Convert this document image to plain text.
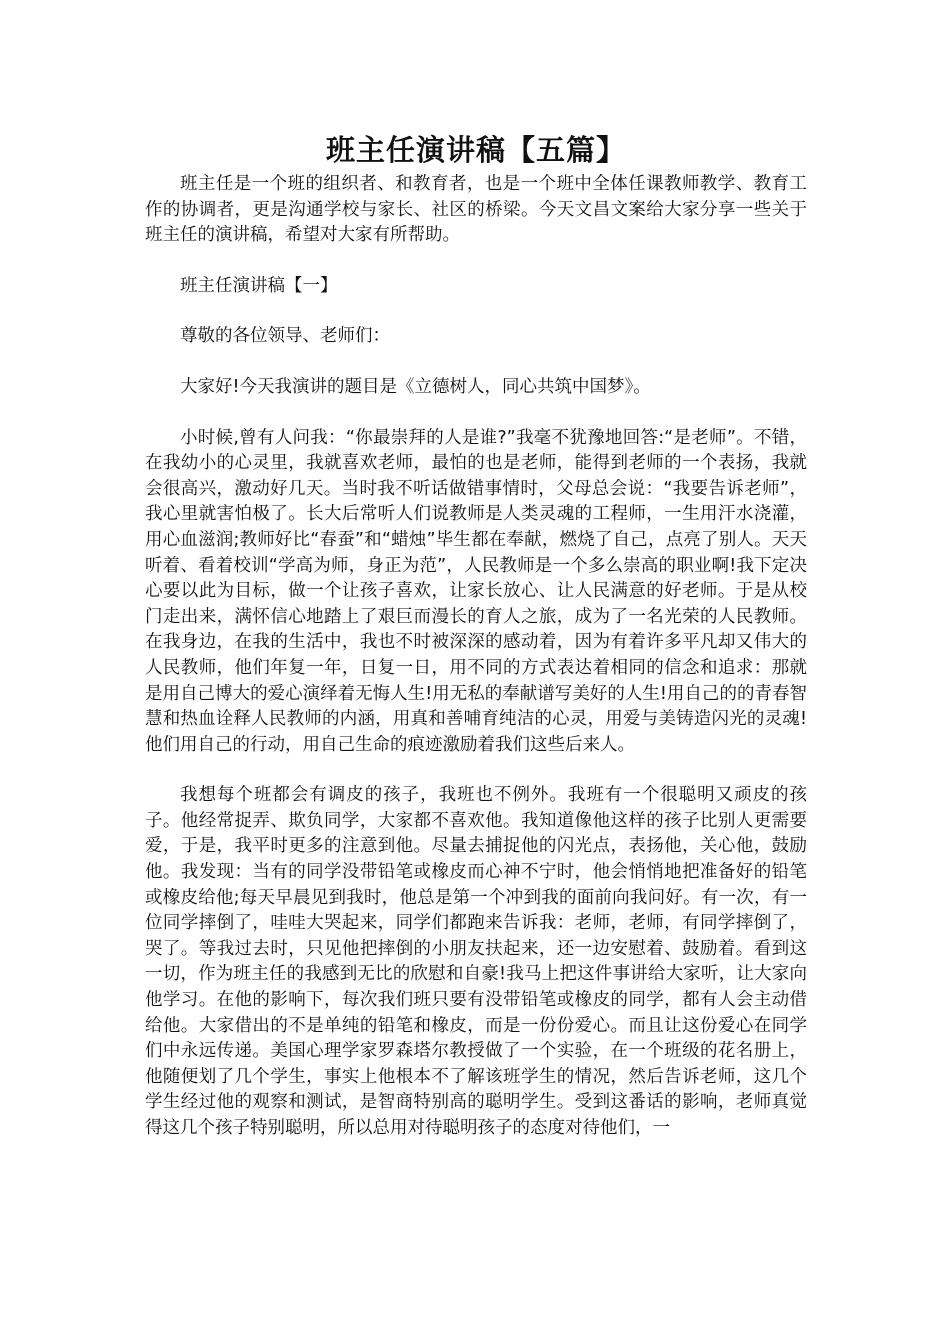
班主任演讲稿【五篇】

班主任是一个班的组织者、和教育者，也是一个班中全体任课教师教学、教育工作的协调者，更是沟通学校与家长、社区的桥梁。今天文昌文案给大家分享一些关于班主任的演讲稿，希望对大家有所帮助。

班主任演讲稿【一】

尊敬的各位领导、老师们：

大家好!今天我演讲的题目是《立德树人，同心共筑中国梦》。

小时候,曾有人问我：“你最崇拜的人是谁?”我毫不犹豫地回答:“是老师”。不错，在我幼小的心灵里，我就喜欢老师，最怕的也是老师，能得到老师的一个表扬，我就会很高兴，激动好几天。当时我不听话做错事情时，父母总会说：“我要告诉老师”，我心里就害怕极了。长大后常听人们说教师是人类灵魂的工程师，一生用汗水浇灌，用心血滋润;教师好比“春蚕”和“蜡烛”毕生都在奉献，燃烧了自己，点亮了别人。天天听着、看着校训“学高为师，身正为范”，人民教师是一个多么崇高的职业啊!我下定决心要以此为目标，做一个让孩子喜欢，让家长放心、让人民满意的好老师。于是从校门走出来，满怀信心地踏上了艰巨而漫长的育人之旅，成为了一名光荣的人民教师。在我身边，在我的生活中，我也不时被深深的感动着，因为有着许多平凡却又伟大的人民教师，他们年复一年，日复一日，用不同的方式表达着相同的信念和追求：那就是用自己博大的爱心演绎着无悔人生!用无私的奉献谱写美好的人生!用自己的的青春智慧和热血诠释人民教师的内涵，用真和善哺育纯洁的心灵，用爱与美铸造闪光的灵魂!他们用自己的行动，用自己生命的痕迹激励着我们这些后来人。

我想每个班都会有调皮的孩子，我班也不例外。我班有一个很聪明又顽皮的孩子。他经常捉弄、欺负同学，大家都不喜欢他。我知道像他这样的孩子比别人更需要爱，于是，我平时更多的注意到他。尽量去捕捉他的闪光点，表扬他，关心他，鼓励他。我发现：当有的同学没带铅笔或橡皮而心神不宁时，他会悄悄地把准备好的铅笔或橡皮给他;每天早晨见到我时，他总是第一个冲到我的面前向我问好。有一次，有一位同学摔倒了，哇哇大哭起来，同学们都跑来告诉我：老师，老师，有同学摔倒了，哭了。等我过去时，只见他把摔倒的小朋友扶起来，还一边安慰着、鼓励着。看到这一切，作为班主任的我感到无比的欣慰和自豪!我马上把这件事讲给大家听，让大家向他学习。在他的影响下，每次我们班只要有没带铅笔或橡皮的同学，都有人会主动借给他。大家借出的不是单纯的铅笔和橡皮，而是一份份爱心。而且让这份爱心在同学们中永远传递。美国心理学家罗森塔尔教授做了一个实验，在一个班级的花名册上，他随便划了几个学生，事实上他根本不了解该班学生的情况，然后告诉老师，这几个学生经过他的观察和测试，是智商特别高的聪明学生。受到这番话的影响，老师真觉得这几个孩子特别聪明，所以总用对待聪明孩子的态度对待他们，一
